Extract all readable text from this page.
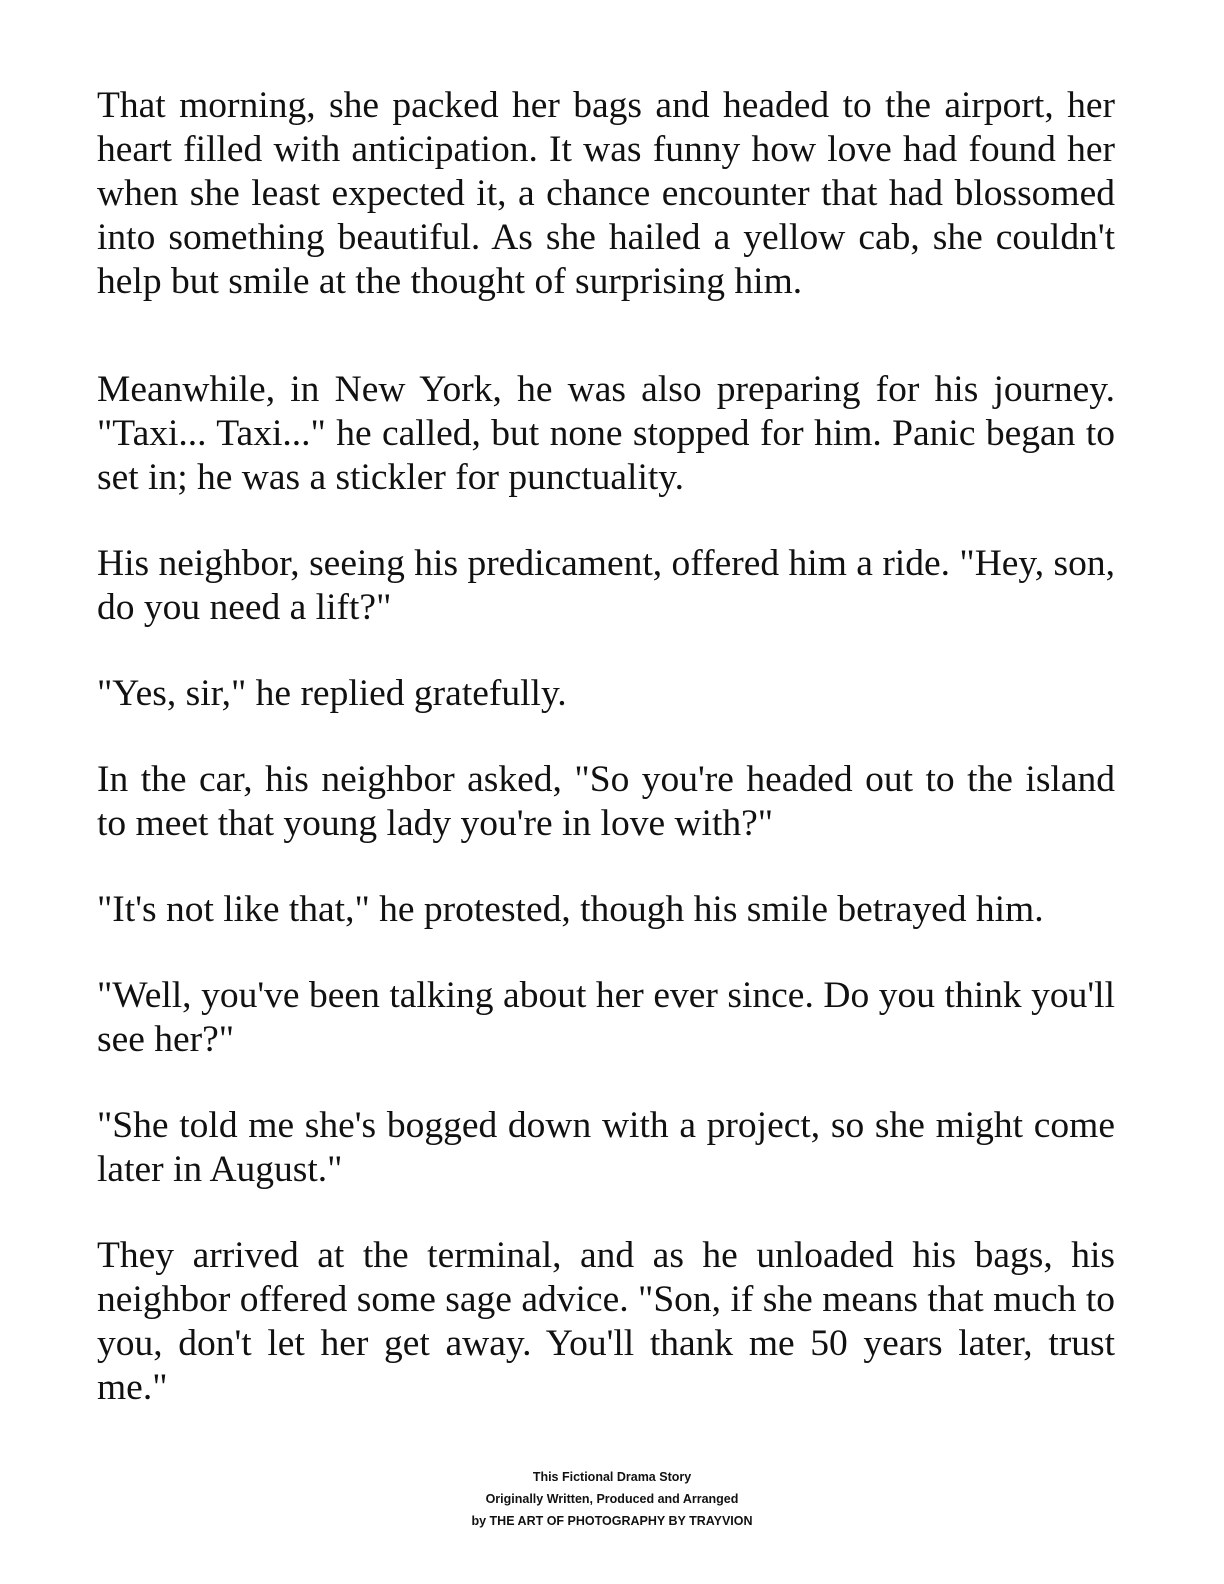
That morning, she packed her bags and headed to the airport, her heart filled with anticipation. It was funny how love had found her when she least expected it, a chance encounter that had blossomed into something beautiful. As she hailed a yellow cab, she couldn't help but smile at the thought of surprising him.

Meanwhile, in New York, he was also preparing for his journey. "Taxi... Taxi..." he called, but none stopped for him. Panic began to set in; he was a stickler for punctuality.

His neighbor, seeing his predicament, offered him a ride. "Hey, son, do you need a lift?"

"Yes, sir," he replied gratefully.

In the car, his neighbor asked, "So you're headed out to the island to meet that young lady you're in love with?"

"It's not like that," he protested, though his smile betrayed him.

"Well, you've been talking about her ever since. Do you think you'll see her?"

"She told me she's bogged down with a project, so she might come later in August."

They arrived at the terminal, and as he unloaded his bags, his neighbor offered some sage advice. "Son, if she means that much to you, don't let her get away. You'll thank me 50 years later, trust me."

This Fictional Drama Story
Originally Written, Produced and Arranged
by THE ART OF PHOTOGRAPHY BY TRAYVION
